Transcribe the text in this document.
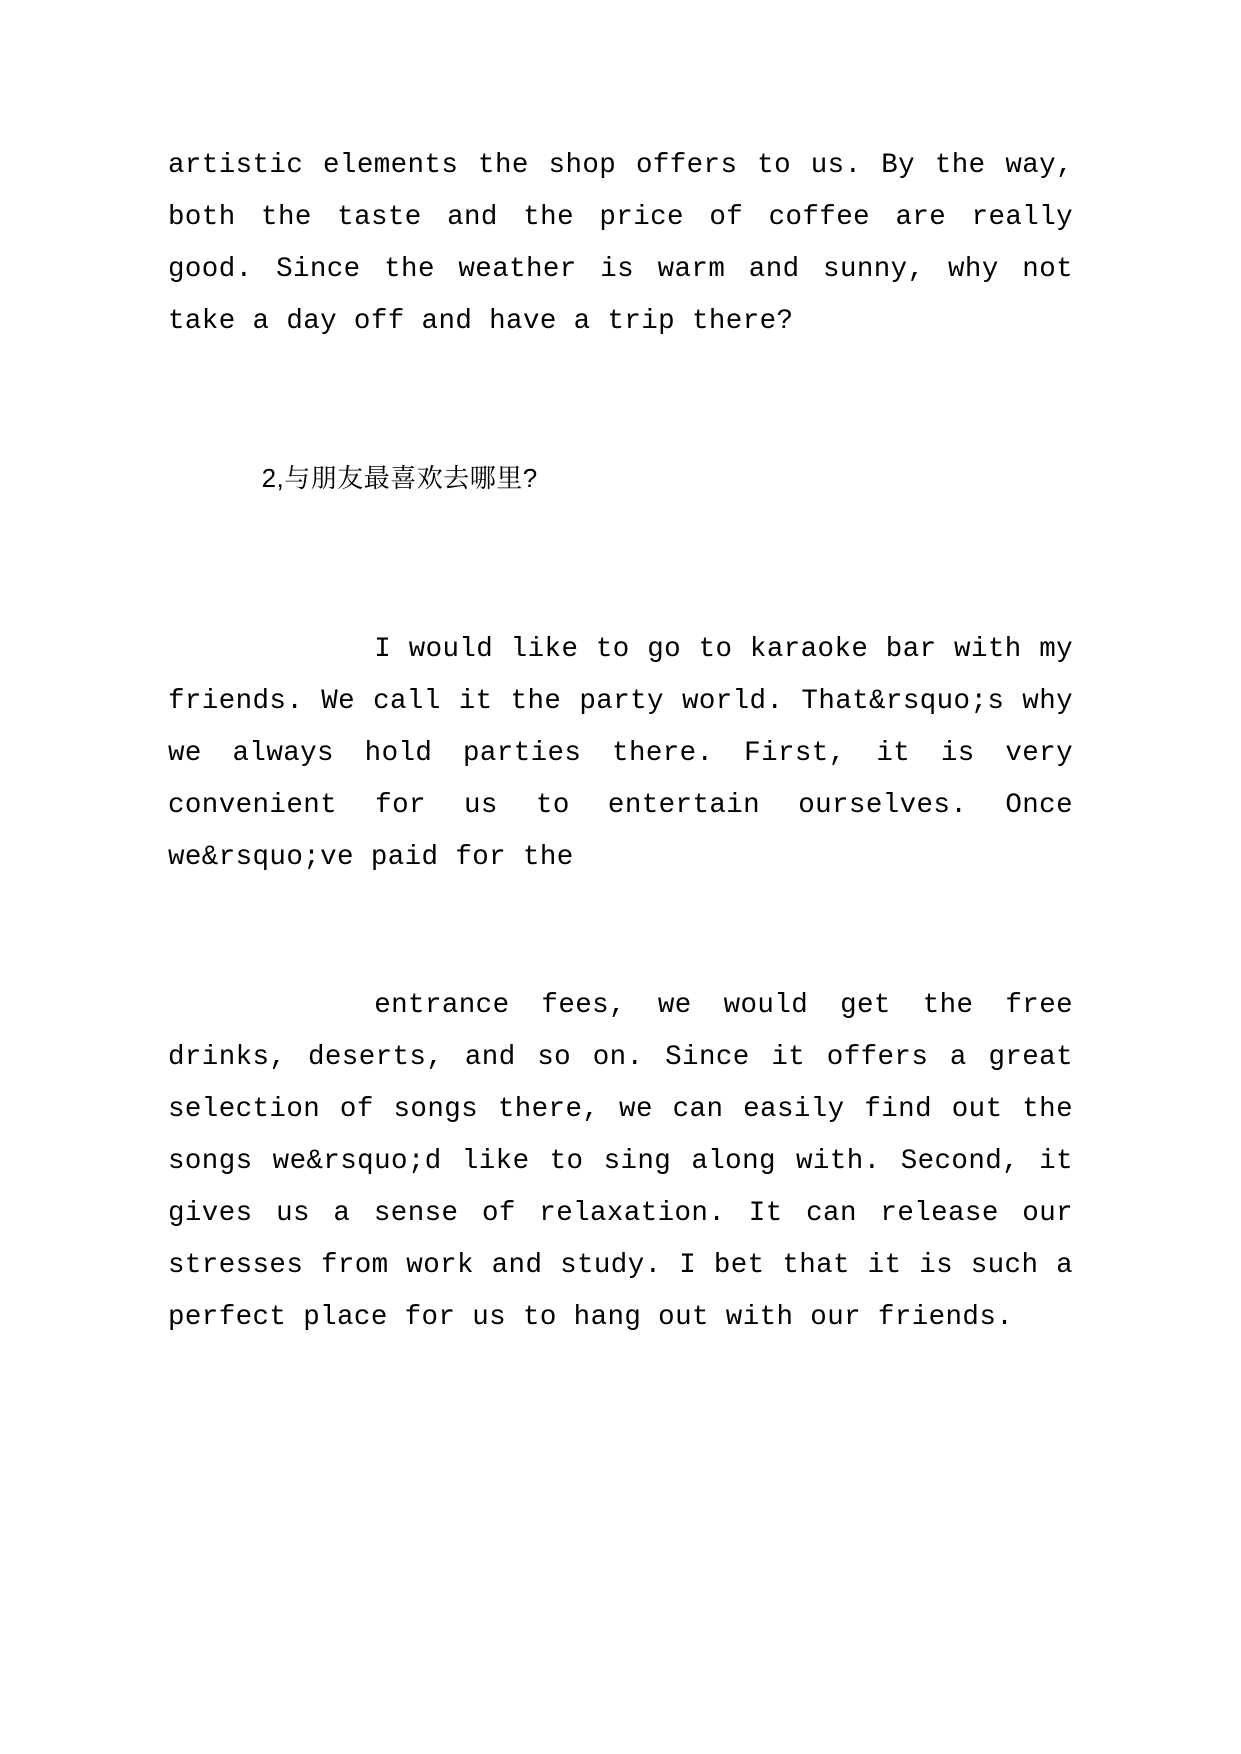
artistic elements the shop offers to us. By the way, both the taste and the price of coffee are really good. Since the weather is warm and sunny, why not take a day off and have a trip there?

2,与朋友最喜欢去哪里?

I would like to go to karaoke bar with my friends. We call it the party world. That&rsquo;s why we always hold parties there. First, it is very convenient for us to entertain ourselves. Once we&rsquo;ve paid for the

entrance fees, we would get the free drinks, deserts, and so on. Since it offers a great selection of songs there, we can easily find out the songs we&rsquo;d like to sing along with. Second, it gives us a sense of relaxation. It can release our stresses from work and study. I bet that it is such a perfect place for us to hang out with our friends.
